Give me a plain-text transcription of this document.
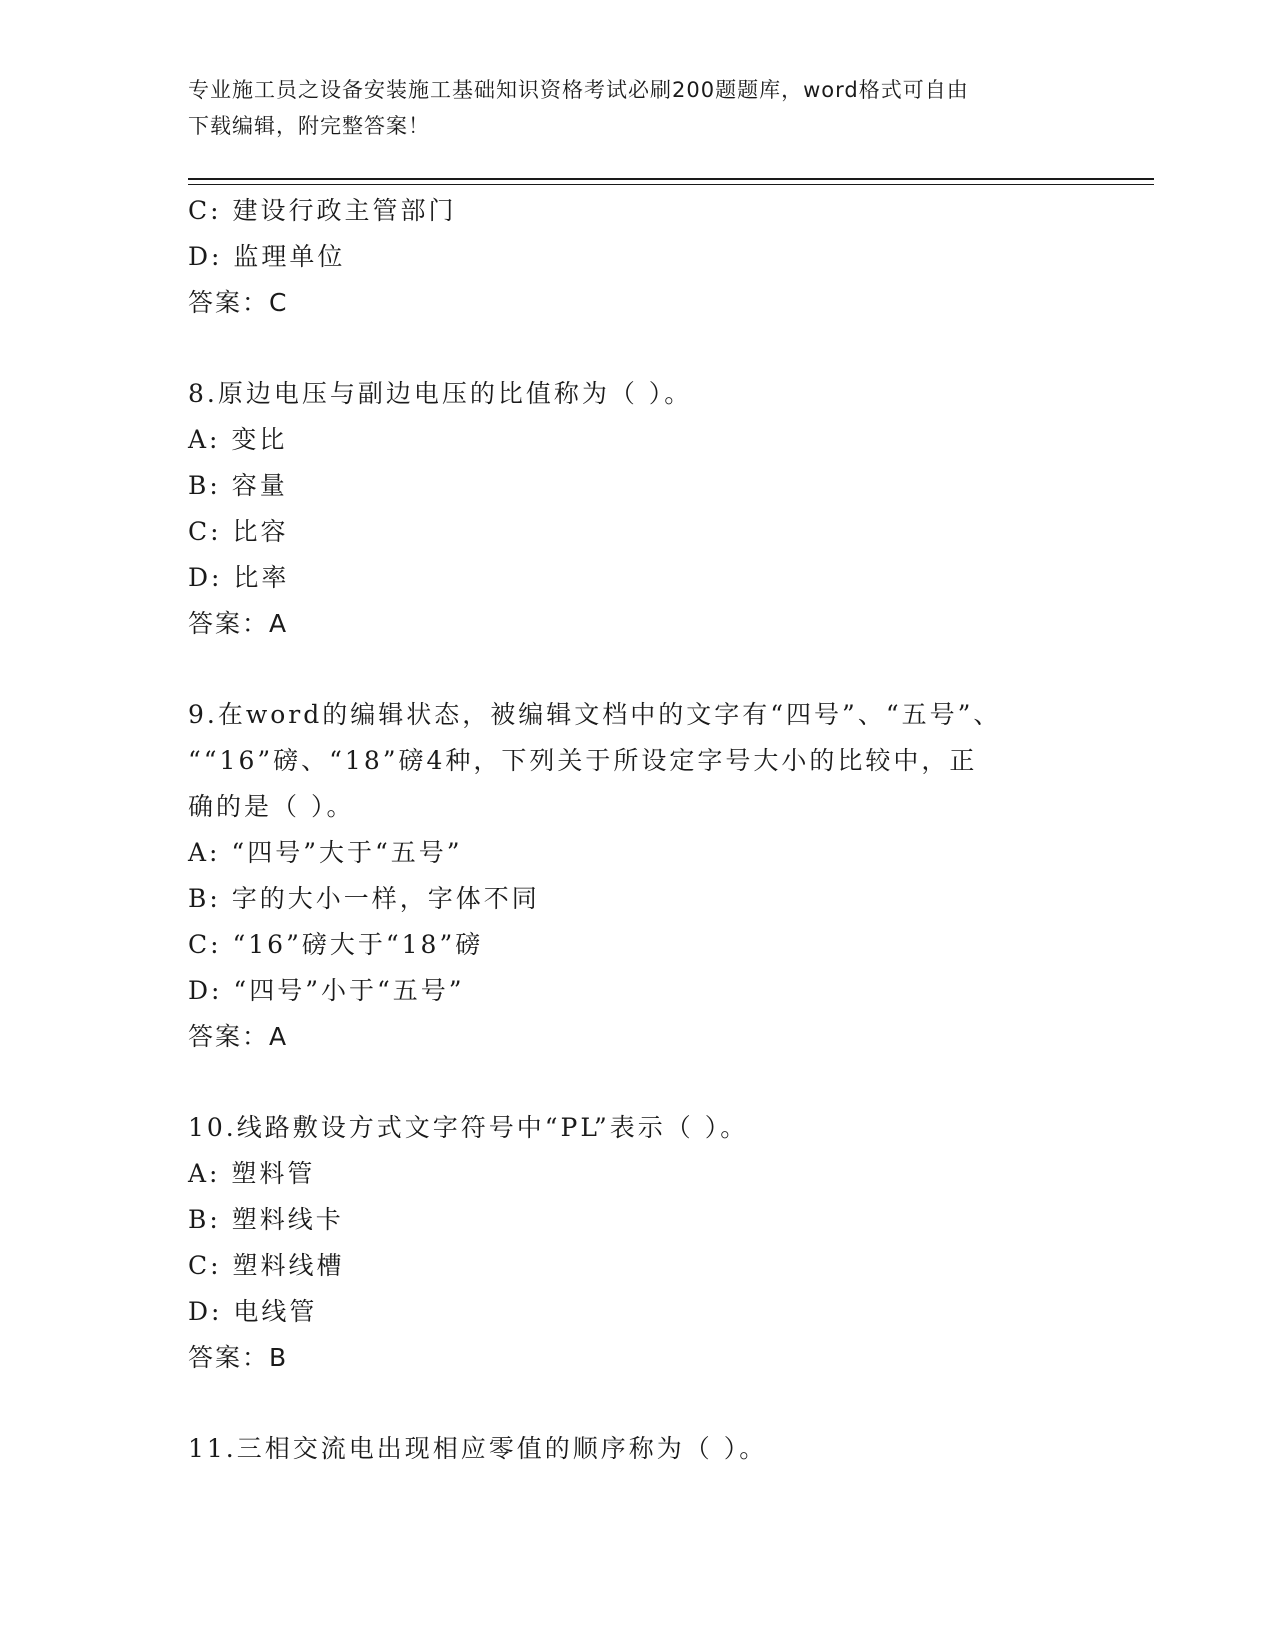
专业施工员之设备安装施工基础知识资格考试必刷200题题库，word格式可自由
下载编辑，附完整答案！
C: 建设行政主管部门
D: 监理单位
答案：C
8.原边电压与副边电压的比值称为（ ）。
A: 变比
B: 容量
C: 比容
D: 比率
答案：A
9.在word的编辑状态，被编辑文档中的文字有“四号”、“五号”、
““16”磅、“18”磅4种，下列关于所设定字号大小的比较中，正
确的是（ ）。
A: “四号”大于“五号”
B: 字的大小一样，字体不同
C: “16”磅大于“18”磅
D: “四号”小于“五号”
答案：A
10.线路敷设方式文字符号中“PL”表示（ ）。
A: 塑料管
B: 塑料线卡
C: 塑料线槽
D: 电线管
答案：B
11.三相交流电出现相应零值的顺序称为（ ）。
